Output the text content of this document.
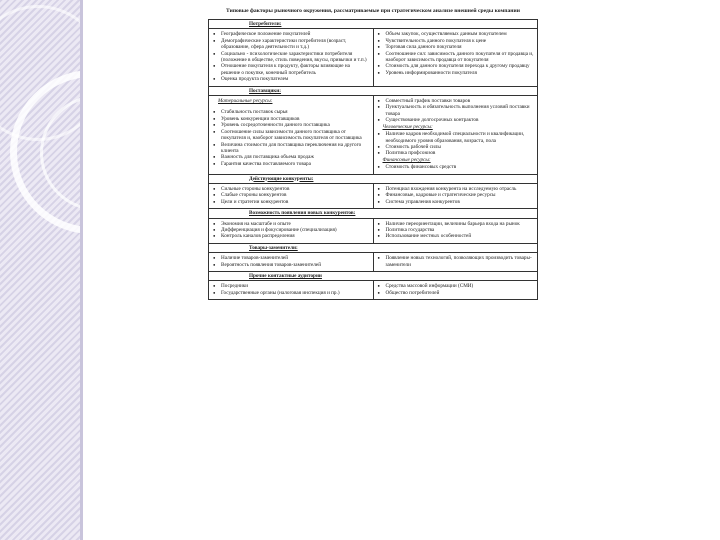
Типовые факторы рыночного окружения, рассматриваемые при стратегическом анализе внешней среды компании
Потребители:
● Географическое положение покупателей
● Демографические характеристики потребителя (возраст, образование, сфера деятельности и т.д.)
● Социально - психологические характеристики потребителя (положение в обществе, стиль поведения, вкусы, привычки и т.п.)
● Отношение покупателя к продукту, факторы влияющие на решение о покупке, конечный потребитель
● Оценка продукта покупателем
● Объем закупок, осуществляемых данным покупателем
● Чувствительность данного покупателя к цене
● Торговая сила данного покупателя
● Соотношение сил: зависимость данного покупателя от продавца и, наоборот зависимость продавца от покупателя
● Стоимость для данного покупателя перехода к другому продавцу
● Уровень информированности покупателя
Поставщики:
Материальные ресурсы:
● Стабильность поставок сырья
● Уровень конкуренции поставщиков
● Уровень сосредоточенности данного поставщика
● Соотношение силы зависимости данного поставщика от покупателя и, наоборот зависимость покупателя от поставщика
● Величина стоимости для поставщика переключения на другого клиента
● Важность для поставщика объема продаж
● Гарантия качества поставляемого товара
● Совместный график поставки товаров
● Пунктуальность и обязательность выполнения условий поставки товара
● Существование долгосрочных контрактов
Человеческие ресурсы:
● Наличие кадров необходимой специальности и квалификации, необходимого уровня образования, возраста, пола
● Стоимость рабочей силы
● Политика профсоюзов
Финансовые ресурсы:
● Стоимость финансовых средств
Действующие конкуренты:
● Сильные стороны конкурентов
● Слабые стороны конкурентов
● Цели и стратегии конкурентов
● Потенциал вхождения конкурента на исследуемую отрасль
● Финансовые, кадровые и стратегические ресурсы
● Система управления конкурентов
Возможность появления новых конкурентов:
● Экономия на масштабе и опыте
● Дифференциация и фокусирование (специализация)
● Контроль каналов распределения
● Наличие переориентации, величины барьера входа на рынок
● Политика государства
● Использование местных особенностей
Товары-заменители:
● Наличие товаров-заменителей
● Вероятность появления товаров-заменителей
● Появление новых технологий, позволяющих производить товары-заменители
Прочие контактные аудитории
● Посредники
● Государственные органы (налоговая инспекция и пр.)
● Средства массовой информации (СМИ)
● Общество потребителей
